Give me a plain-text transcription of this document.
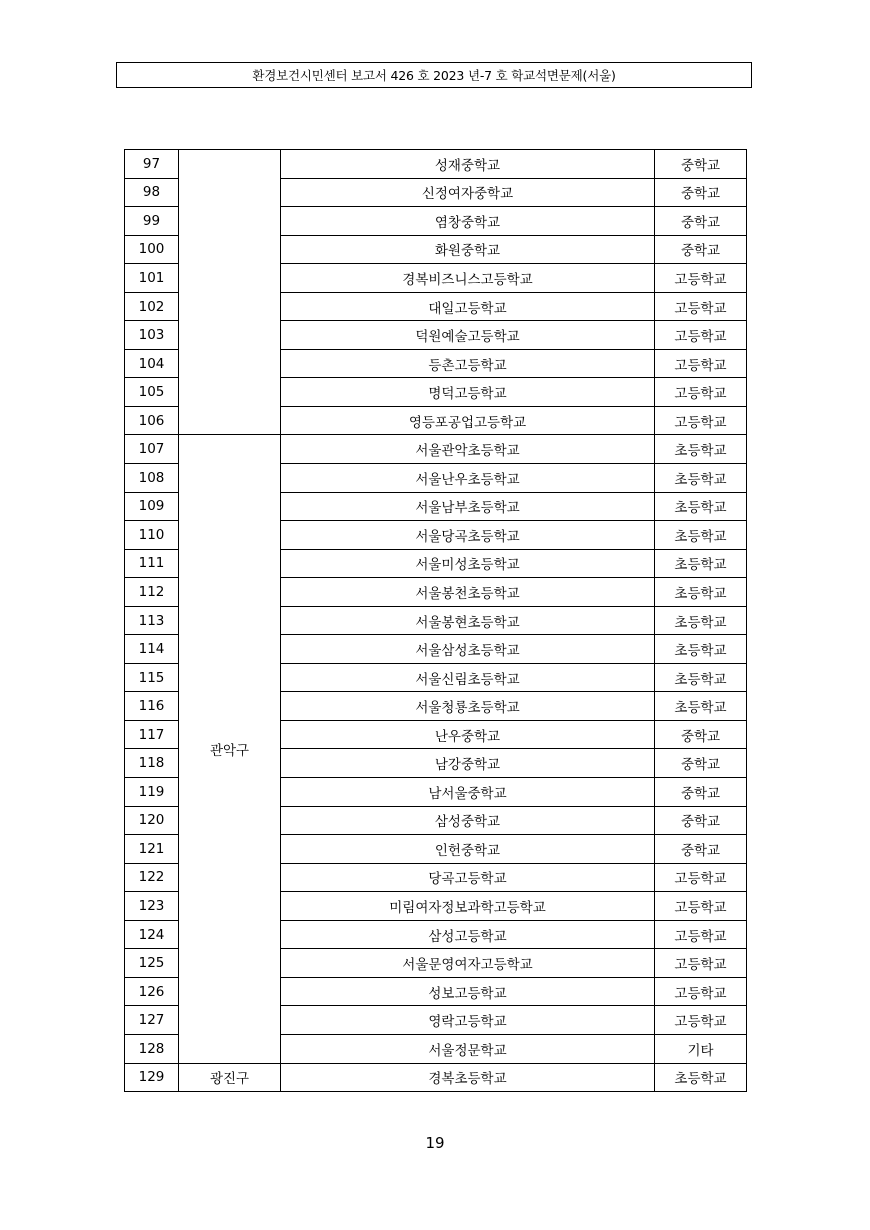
환경보건시민센터 보고서 426 호 2023 년-7 호 학교석면문제(서울)
97		성재중학교	중학교
98		신정여자중학교	중학교
99		염창중학교	중학교
100		화원중학교	중학교
101		경복비즈니스고등학교	고등학교
102		대일고등학교	고등학교
103		덕원예술고등학교	고등학교
104		등촌고등학교	고등학교
105		명덕고등학교	고등학교
106		영등포공업고등학교	고등학교
107	관악구	서울관악초등학교	초등학교
108		서울난우초등학교	초등학교
109		서울남부초등학교	초등학교
110		서울당곡초등학교	초등학교
111		서울미성초등학교	초등학교
112		서울봉천초등학교	초등학교
113		서울봉현초등학교	초등학교
114		서울삼성초등학교	초등학교
115		서울신림초등학교	초등학교
116		서울청룡초등학교	초등학교
117		난우중학교	중학교
118		남강중학교	중학교
119		남서울중학교	중학교
120		삼성중학교	중학교
121		인헌중학교	중학교
122		당곡고등학교	고등학교
123		미림여자정보과학고등학교	고등학교
124		삼성고등학교	고등학교
125		서울문영여자고등학교	고등학교
126		성보고등학교	고등학교
127		영락고등학교	고등학교
128		서울정문학교	기타
129	광진구	경복초등학교	초등학교
19
